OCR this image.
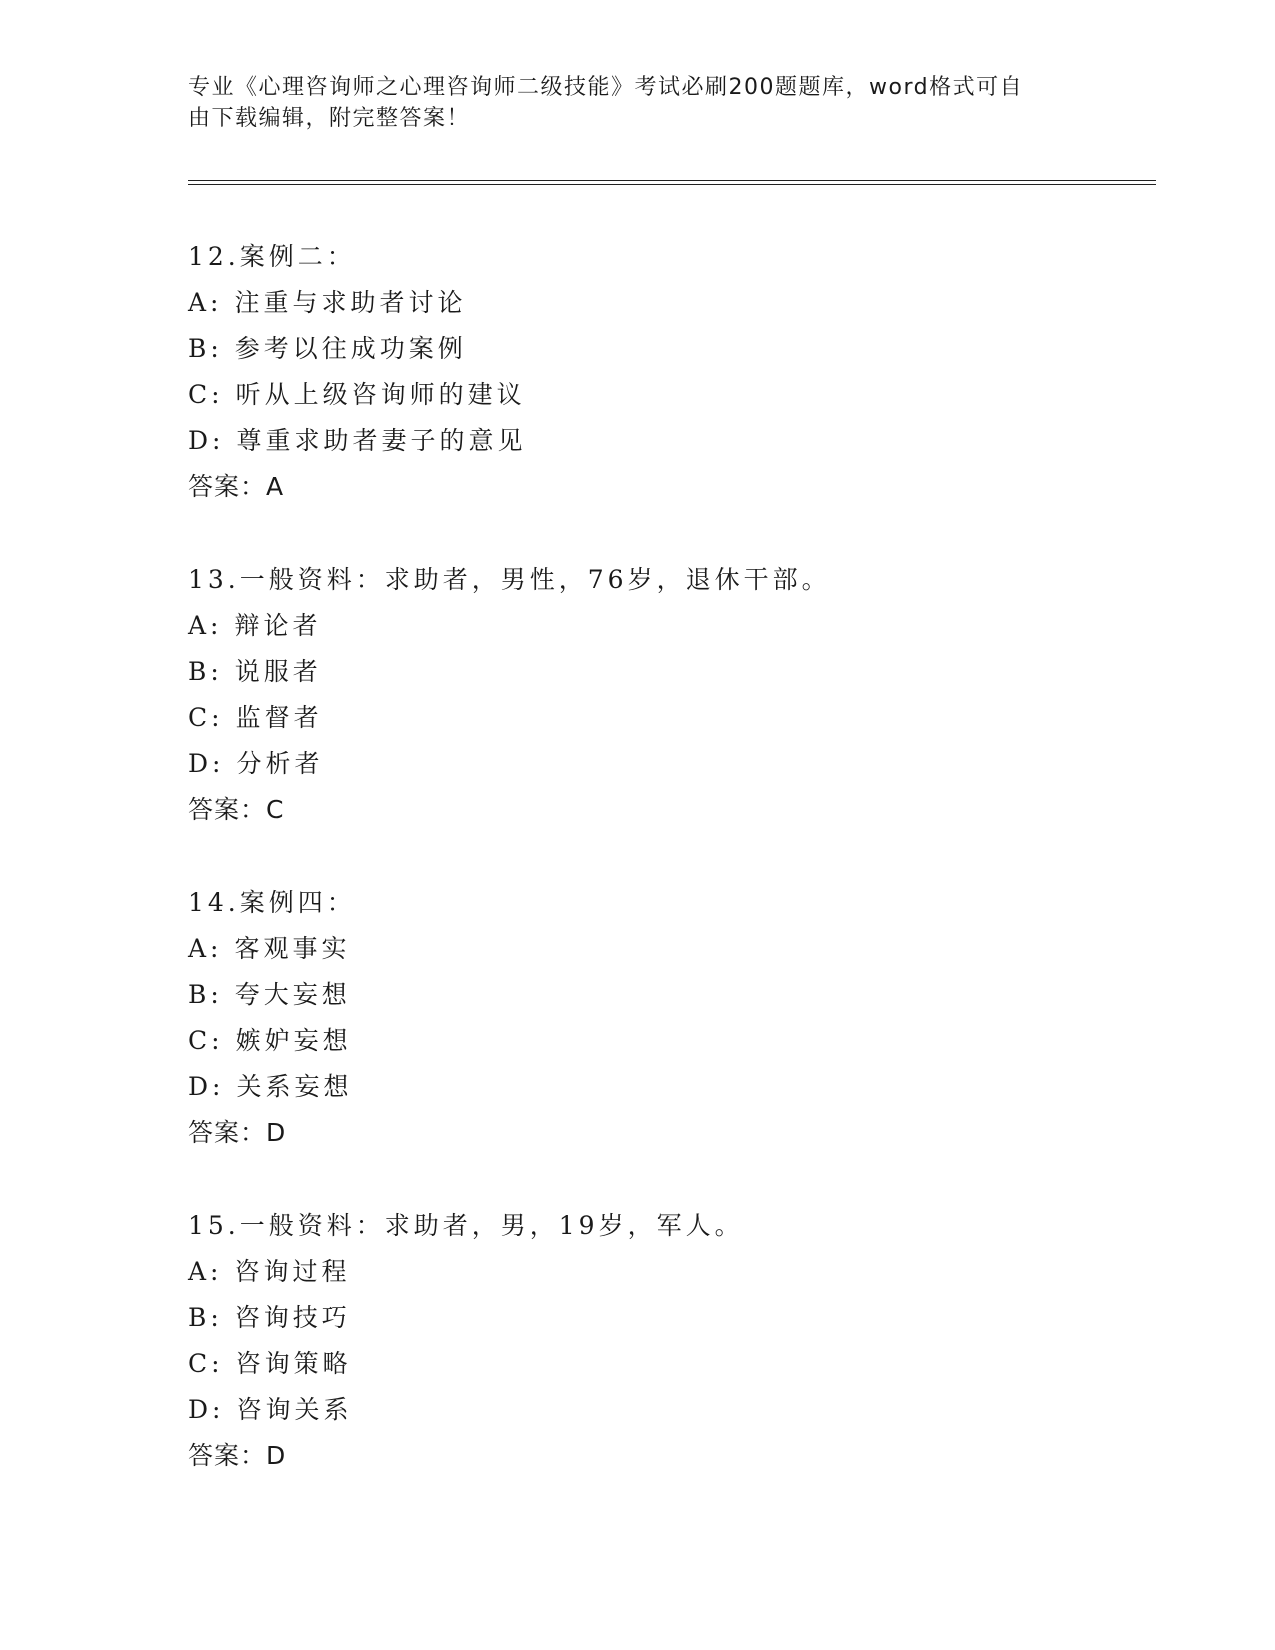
专业《心理咨询师之心理咨询师二级技能》考试必刷200题题库，word格式可自
由下载编辑，附完整答案！
12.案例二：
A: 注重与求助者讨论
B: 参考以往成功案例
C: 听从上级咨询师的建议
D: 尊重求助者妻子的意见
答案：A
13.一般资料：求助者，男性，76岁，退休干部。
A: 辩论者
B: 说服者
C: 监督者
D: 分析者
答案：C
14.案例四：
A: 客观事实
B: 夸大妄想
C: 嫉妒妄想
D: 关系妄想
答案：D
15.一般资料：求助者，男，19岁，军人。
A: 咨询过程
B: 咨询技巧
C: 咨询策略
D: 咨询关系
答案：D
